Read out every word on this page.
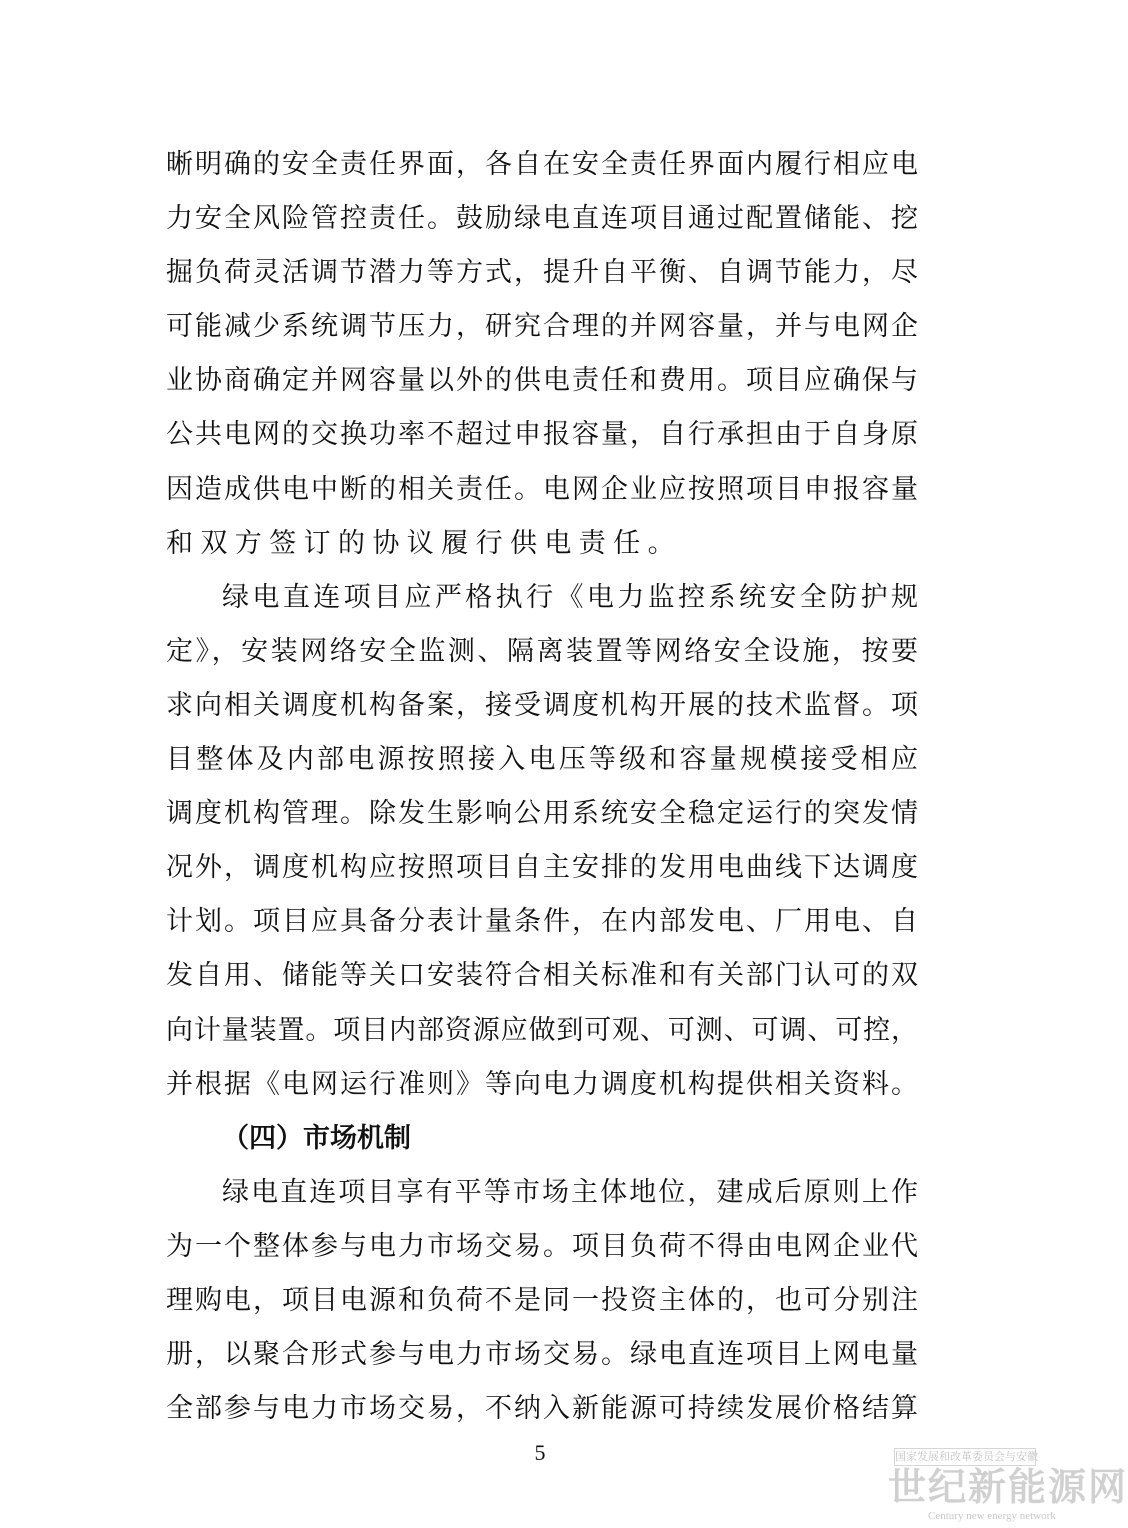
晰明确的安全责任界面，各自在安全责任界面内履行相应电
力安全风险管控责任。鼓励绿电直连项目通过配置储能、挖
掘负荷灵活调节潜力等方式，提升自平衡、自调节能力，尽
可能减少系统调节压力，研究合理的并网容量，并与电网企
业协商确定并网容量以外的供电责任和费用。项目应确保与
公共电网的交换功率不超过申报容量，自行承担由于自身原
因造成供电中断的相关责任。电网企业应按照项目申报容量
和双方签订的协议履行供电责任。
绿电直连项目应严格执行《电力监控系统安全防护规
定》，安装网络安全监测、隔离装置等网络安全设施，按要
求向相关调度机构备案，接受调度机构开展的技术监督。项
目整体及内部电源按照接入电压等级和容量规模接受相应
调度机构管理。除发生影响公用系统安全稳定运行的突发情
况外，调度机构应按照项目自主安排的发用电曲线下达调度
计划。项目应具备分表计量条件，在内部发电、厂用电、自
发自用、储能等关口安装符合相关标准和有关部门认可的双
向计量装置。项目内部资源应做到可观、可测、可调、可控，
并根据《电网运行准则》等向电力调度机构提供相关资料。
（四）市场机制
绿电直连项目享有平等市场主体地位，建成后原则上作
为一个整体参与电力市场交易。项目负荷不得由电网企业代
理购电，项目电源和负荷不是同一投资主体的，也可分别注
册，以聚合形式参与电力市场交易。绿电直连项目上网电量
全部参与电力市场交易，不纳入新能源可持续发展价格结算
5	国家发展和改革委员会与安徽
世纪新能源网
Century new energy network
